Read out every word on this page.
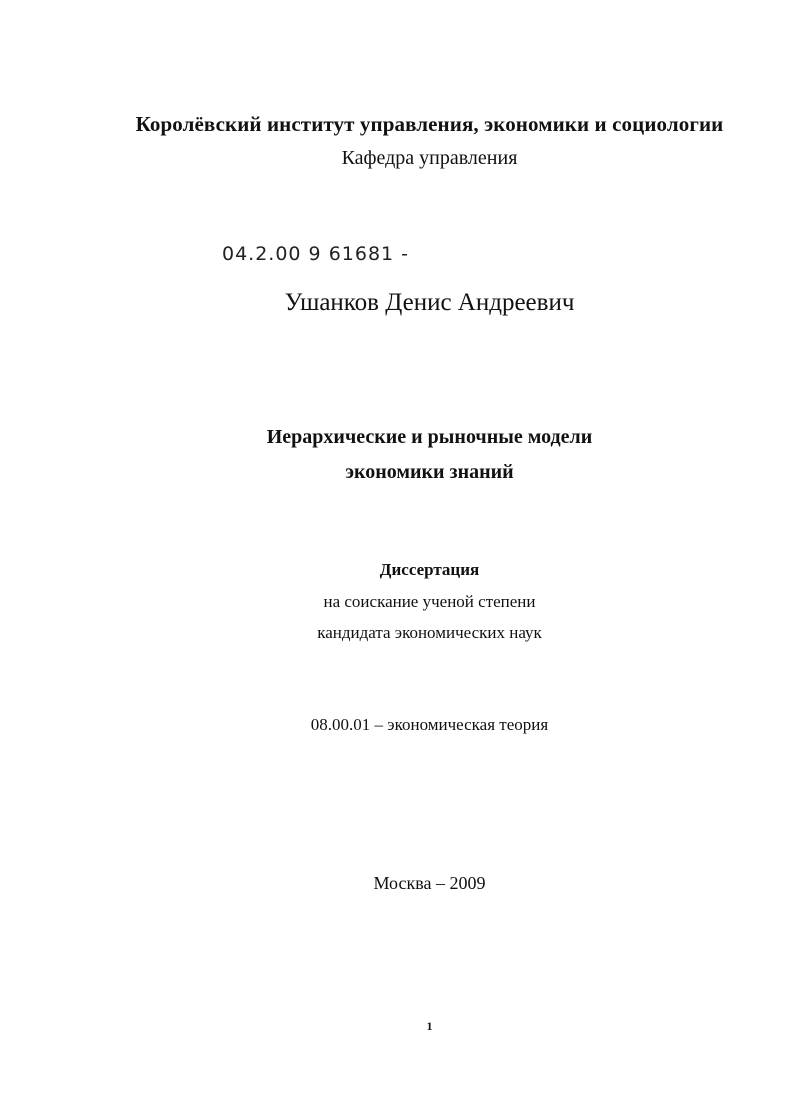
Королёвский институт управления, экономики и социологии
Кафедра управления
04.2.00 9 61681 -
Ушанков Денис Андреевич
Иерархические и рыночные модели
экономики знаний
Диссертация
на соискание ученой степени
кандидата экономических наук
08.00.01 – экономическая теория
Москва – 2009
1
